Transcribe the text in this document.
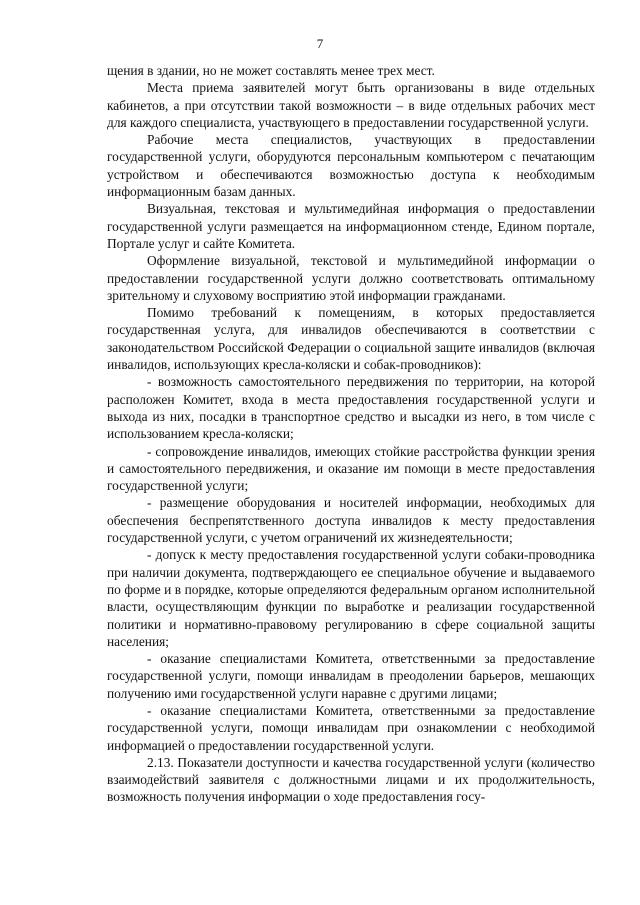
7

щения в здании, но не может составлять менее трех мест.

Места приема заявителей могут быть организованы в виде отдельных кабинетов, а при отсутствии такой возможности – в виде отдельных рабочих мест для каждого специалиста, участвующего в предоставлении государственной услуги.

Рабочие места специалистов, участвующих в предоставлении государственной услуги, оборудуются персональным компьютером с печатающим устройством и обеспечиваются возможностью доступа к необходимым информационным базам данных.

Визуальная, текстовая и мультимедийная информация о предоставлении государственной услуги размещается на информационном стенде, Едином портале, Портале услуг и сайте Комитета.

Оформление визуальной, текстовой и мультимедийной информации о предоставлении государственной услуги должно соответствовать оптимальному зрительному и слуховому восприятию этой информации гражданами.

Помимо требований к помещениям, в которых предоставляется государственная услуга, для инвалидов обеспечиваются в соответствии с законодательством Российской Федерации о социальной защите инвалидов (включая инвалидов, использующих кресла-коляски и собак-проводников):

- возможность самостоятельного передвижения по территории, на которой расположен Комитет, входа в места предоставления государственной услуги и выхода из них, посадки в транспортное средство и высадки из него, в том числе с использованием кресла-коляски;

- сопровождение инвалидов, имеющих стойкие расстройства функции зрения и самостоятельного передвижения, и оказание им помощи в месте предоставления государственной услуги;

- размещение оборудования и носителей информации, необходимых для обеспечения беспрепятственного доступа инвалидов к месту предоставления государственной услуги, с учетом ограничений их жизнедеятельности;

- допуск к месту предоставления государственной услуги собаки-проводника при наличии документа, подтверждающего ее специальное обучение и выдаваемого по форме и в порядке, которые определяются федеральным органом исполнительной власти, осуществляющим функции по выработке и реализации государственной политики и нормативно-правовому регулированию в сфере социальной защиты населения;

- оказание специалистами Комитета, ответственными за предоставление государственной услуги, помощи инвалидам в преодолении барьеров, мешающих получению ими государственной услуги наравне с другими лицами;

- оказание специалистами Комитета, ответственными за предоставление государственной услуги, помощи инвалидам при ознакомлении с необходимой информацией о предоставлении государственной услуги.

2.13. Показатели доступности и качества государственной услуги (количество взаимодействий заявителя с должностными лицами и их продолжительность, возможность получения информации о ходе предоставления госу-
